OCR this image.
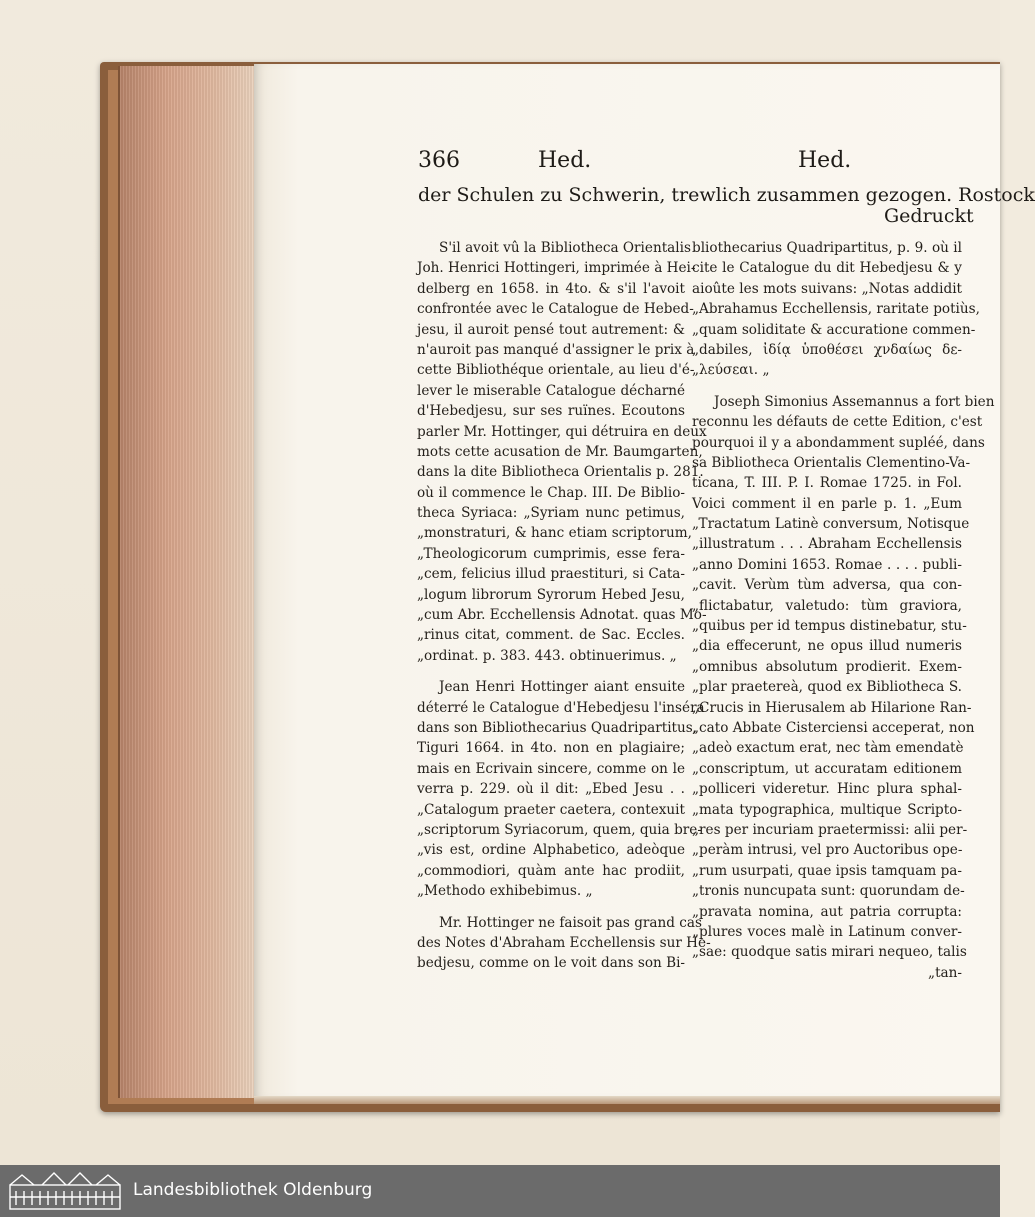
366	Hed.	Hed.
der Schulen zu Schwerin, trewlich zusammen gezogen. Rostock
Gedruckt
S'il avoit vû la Bibliotheca Orientalis
Joh. Henrici Hottingeri, imprimée à Hei-
delberg en 1658. in 4to. & s'il l'avoit
confrontée avec le Catalogue de Hebed-
jesu, il auroit pensé tout autrement: &
n'auroit pas manqué d'assigner le prix à
cette Bibliothéque orientale, au lieu d'é-
lever le miserable Catalogue décharné
d'Hebedjesu, sur ses ruïnes. Ecoutons
parler Mr. Hottinger, qui détruira en deux
mots cette acusation de Mr. Baumgarten,
dans la dite Bibliotheca Orientalis p. 281.
où il commence le Chap. III. De Biblio-
theca Syriaca: „Syriam nunc petimus,
„monstraturi, & hanc etiam scriptorum,
„Theologicorum cumprimis, esse fera-
„cem, felicius illud praestituri, si Cata-
„logum librorum Syrorum Hebed Jesu,
„cum Abr. Ecchellensis Adnotat. quas Mo-
„rinus citat, comment. de Sac. Eccles.
„ordinat. p. 383. 443. obtinuerimus. „
Jean Henri Hottinger aiant ensuite
déterré le Catalogue d'Hebedjesu l'inséra
dans son Bibliothecarius Quadripartitus,
Tiguri 1664. in 4to. non en plagiaire;
mais en Ecrivain sincere, comme on le
verra p. 229. où il dit: „Ebed Jesu . .
„Catalogum praeter caetera, contexuit
„scriptorum Syriacorum, quem, quia bre-
„vis est, ordine Alphabetico, adeòque
„commodiori, quàm ante hac prodiit,
„Methodo exhibebimus. „
Mr. Hottinger ne faisoit pas grand cas
des Notes d'Abraham Ecchellensis sur He-
bedjesu, comme on le voit dans son Bi-
bliothecarius Quadripartitus, p. 9. où il
cite le Catalogue du dit Hebedjesu & y
aioûte les mots suivans: „Notas addidit
„Abrahamus Ecchellensis, raritate potiùs,
„quam soliditate & accuratione commen-
„dabiles, ἰδίᾳ ὑποθέσει χνδαίως δε-
„λεύσεαι. „
Joseph Simonius Assemannus a fort bien
reconnu les défauts de cette Edition, c'est
pourquoi il y a abondamment supléé, dans
sa Bibliotheca Orientalis Clementino-Va-
ticana, T. III. P. I. Romae 1725. in Fol.
Voici comment il en parle p. 1. „Eum
„Tractatum Latinè conversum, Notisque
„illustratum . . . Abraham Ecchellensis
„anno Domini 1653. Romae . . . . publi-
„cavit. Verùm tùm adversa, qua con-
„flictabatur, valetudo: tùm graviora,
„quibus per id tempus distinebatur, stu-
„dia effecerunt, ne opus illud numeris
„omnibus absolutum prodierit. Exem-
„plar praetereà, quod ex Bibliotheca S.
„Crucis in Hierusalem ab Hilarione Ran-
„cato Abbate Cisterciensi acceperat, non
„adeò exactum erat, nec tàm emendatè
„conscriptum, ut accuratam editionem
„polliceri videretur. Hinc plura sphal-
„mata typographica, multique Scripto-
„res per incuriam praetermissi: alii per-
„peràm intrusi, vel pro Auctoribus ope-
„rum usurpati, quae ipsis tamquam pa-
„tronis nuncupata sunt: quorundam de-
„pravata nomina, aut patria corrupta:
„plures voces malè in Latinum conver-
„sae: quodque satis mirari nequeo, talis
„tan-
Landesbibliothek Oldenburg
